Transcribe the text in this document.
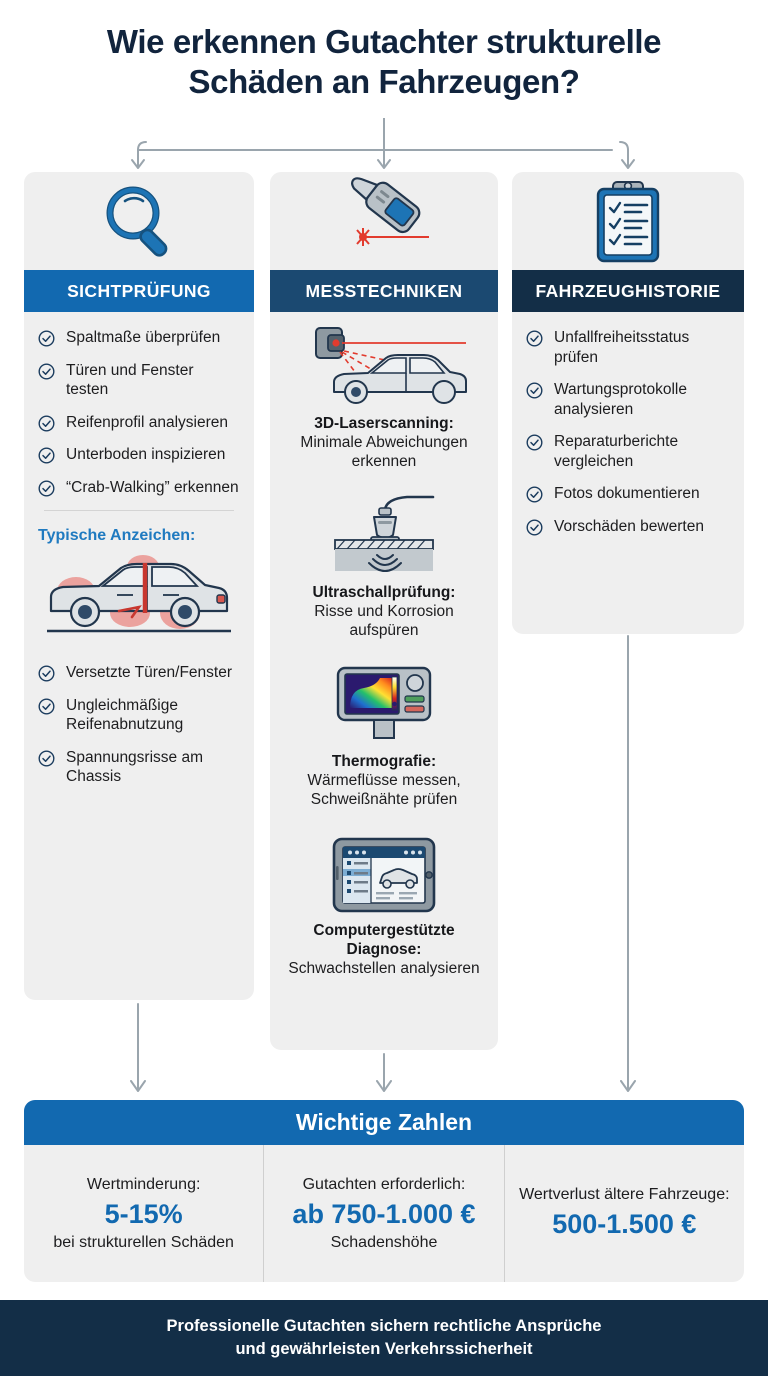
Wie erkennen Gutachter strukturelle
Schäden an Fahrzeugen?
SICHTPRÜFUNG
Spaltmaße überprüfen
Türen und Fenster testen
Reifenprofil analysieren
Unterboden inspizieren
“Crab-Walking” erkennen
Typische Anzeichen:
Versetzte Türen/Fenster
Ungleichmäßige Reifenabnutzung
Spannungsrisse am Chassis
MESSTECHNIKEN
3D-Laserscanning:
Minimale Abweichungen erkennen
Ultraschallprüfung:
Risse und Korrosion aufspüren
Thermografie:
Wärmeflüsse messen, Schweißnähte prüfen
Computergestützte Diagnose:
Schwachstellen analysieren
FAHRZEUGHISTORIE
Unfallfreiheitsstatus prüfen
Wartungsprotokolle analysieren
Reparaturberichte vergleichen
Fotos dokumentieren
Vorschäden bewerten
Wichtige Zahlen
Wertminderung:
5-15%
bei strukturellen Schäden
Gutachten erforderlich:
ab 750-1.000 €
Schadenshöhe
Wertverlust ältere Fahrzeuge:
500-1.500 €
Professionelle Gutachten sichern rechtliche Ansprüche
und gewährleisten Verkehrssicherheit
